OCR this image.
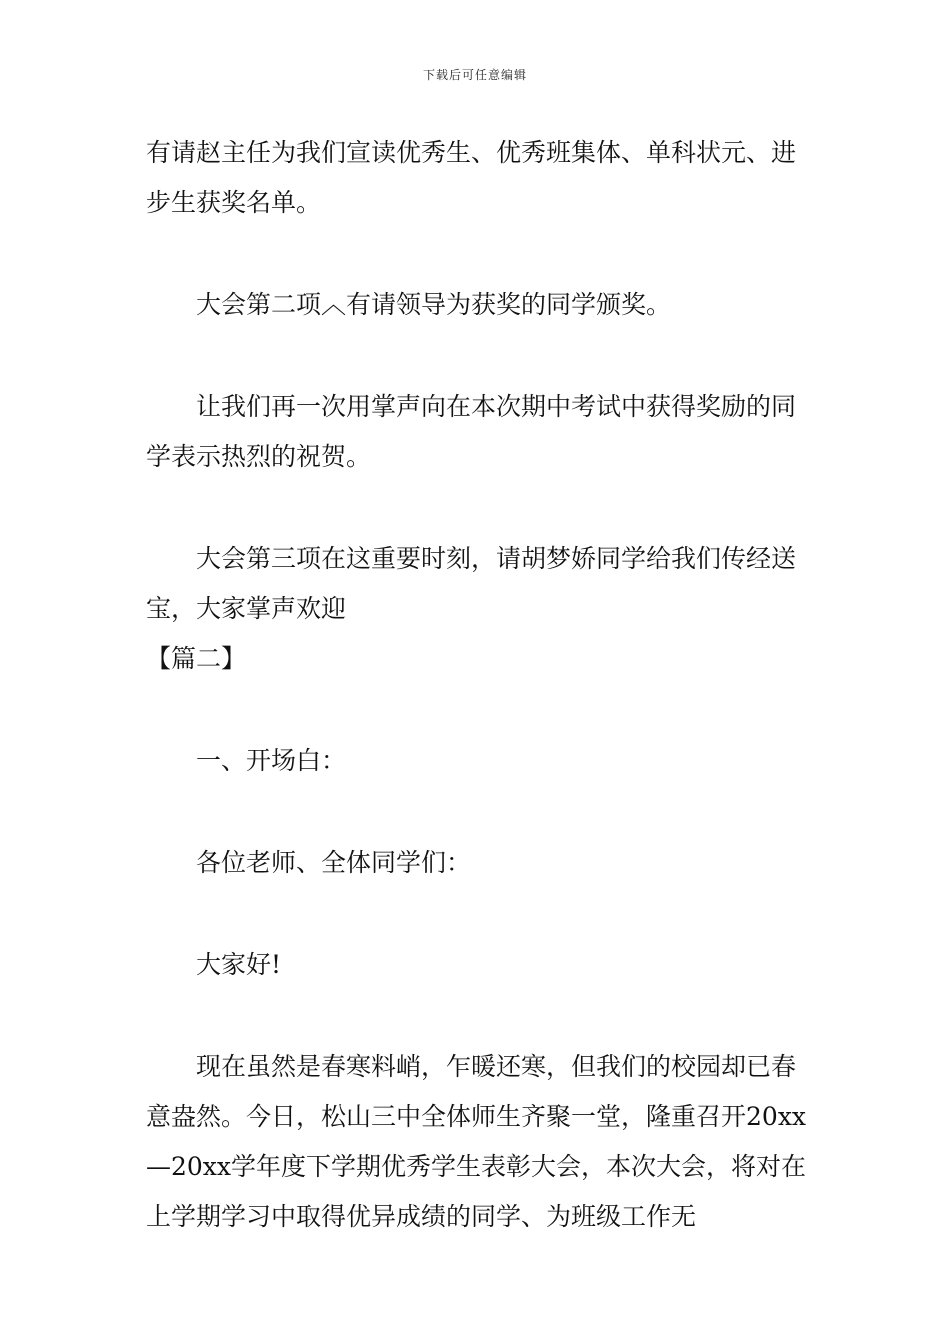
下载后可任意编辑

有请赵主任为我们宣读优秀生、优秀班集体、单科状元、进步生获奖名单。

大会第二项︿有请领导为获奖的同学颁奖。

让我们再一次用掌声向在本次期中考试中获得奖励的同学表示热烈的祝贺。

大会第三项在这重要时刻，请胡梦娇同学给我们传经送宝，大家掌声欢迎

【篇二】

一、开场白：

各位老师、全体同学们：

大家好!

现在虽然是春寒料峭，乍暖还寒，但我们的校园却已春意盎然。今日，松山三中全体师生齐聚一堂，隆重召开20xx—20xx学年度下学期优秀学生表彰大会，本次大会，将对在上学期学习中取得优异成绩的同学、为班级工作无
